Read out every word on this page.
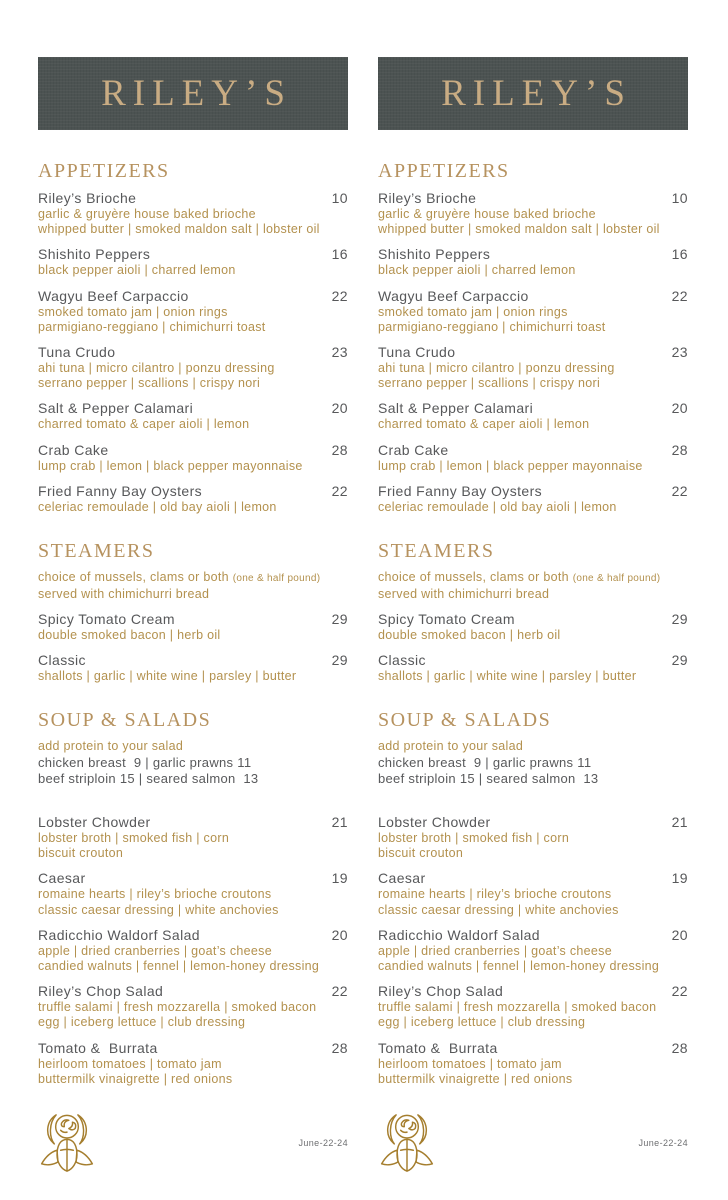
RILEY’S
APPETIZERS
Riley’s Brioche	10
garlic & gruyère house baked brioche
whipped butter | smoked maldon salt | lobster oil
Shishito Peppers	16
black pepper aioli | charred lemon
Wagyu Beef Carpaccio	22
smoked tomato jam | onion rings
parmigiano-reggiano | chimichurri toast
Tuna Crudo	23
ahi tuna | micro cilantro | ponzu dressing
serrano pepper | scallions | crispy nori
Salt & Pepper Calamari	20
charred tomato & caper aioli | lemon
Crab Cake	28
lump crab | lemon | black pepper mayonnaise
Fried Fanny Bay Oysters	22
celeriac remoulade | old bay aioli | lemon
STEAMERS
choice of mussels, clams or both (one & half pound)
served with chimichurri bread
Spicy Tomato Cream	29
double smoked bacon | herb oil
Classic	29
shallots | garlic | white wine | parsley | butter
SOUP & SALADS
add protein to your salad
chicken breast  9 | garlic prawns 11
beef striploin 15 | seared salmon  13
Lobster Chowder	21
lobster broth | smoked fish | corn
biscuit crouton
Caesar	19
romaine hearts | riley’s brioche croutons
classic caesar dressing | white anchovies
Radicchio Waldorf Salad	20
apple | dried cranberries | goat’s cheese
candied walnuts | fennel | lemon-honey dressing
Riley’s Chop Salad	22
truffle salami | fresh mozzarella | smoked bacon
egg | iceberg lettuce | club dressing
Tomato &  Burrata	28
heirloom tomatoes | tomato jam
buttermilk vinaigrette | red onions
June-22-24
RILEY’S
APPETIZERS
Riley’s Brioche	10
garlic & gruyère house baked brioche
whipped butter | smoked maldon salt | lobster oil
Shishito Peppers	16
black pepper aioli | charred lemon
Wagyu Beef Carpaccio	22
smoked tomato jam | onion rings
parmigiano-reggiano | chimichurri toast
Tuna Crudo	23
ahi tuna | micro cilantro | ponzu dressing
serrano pepper | scallions | crispy nori
Salt & Pepper Calamari	20
charred tomato & caper aioli | lemon
Crab Cake	28
lump crab | lemon | black pepper mayonnaise
Fried Fanny Bay Oysters	22
celeriac remoulade | old bay aioli | lemon
STEAMERS
choice of mussels, clams or both (one & half pound)
served with chimichurri bread
Spicy Tomato Cream	29
double smoked bacon | herb oil
Classic	29
shallots | garlic | white wine | parsley | butter
SOUP & SALADS
add protein to your salad
chicken breast  9 | garlic prawns 11
beef striploin 15 | seared salmon  13
Lobster Chowder	21
lobster broth | smoked fish | corn
biscuit crouton
Caesar	19
romaine hearts | riley’s brioche croutons
classic caesar dressing | white anchovies
Radicchio Waldorf Salad	20
apple | dried cranberries | goat’s cheese
candied walnuts | fennel | lemon-honey dressing
Riley’s Chop Salad	22
truffle salami | fresh mozzarella | smoked bacon
egg | iceberg lettuce | club dressing
Tomato &  Burrata	28
heirloom tomatoes | tomato jam
buttermilk vinaigrette | red onions
June-22-24
